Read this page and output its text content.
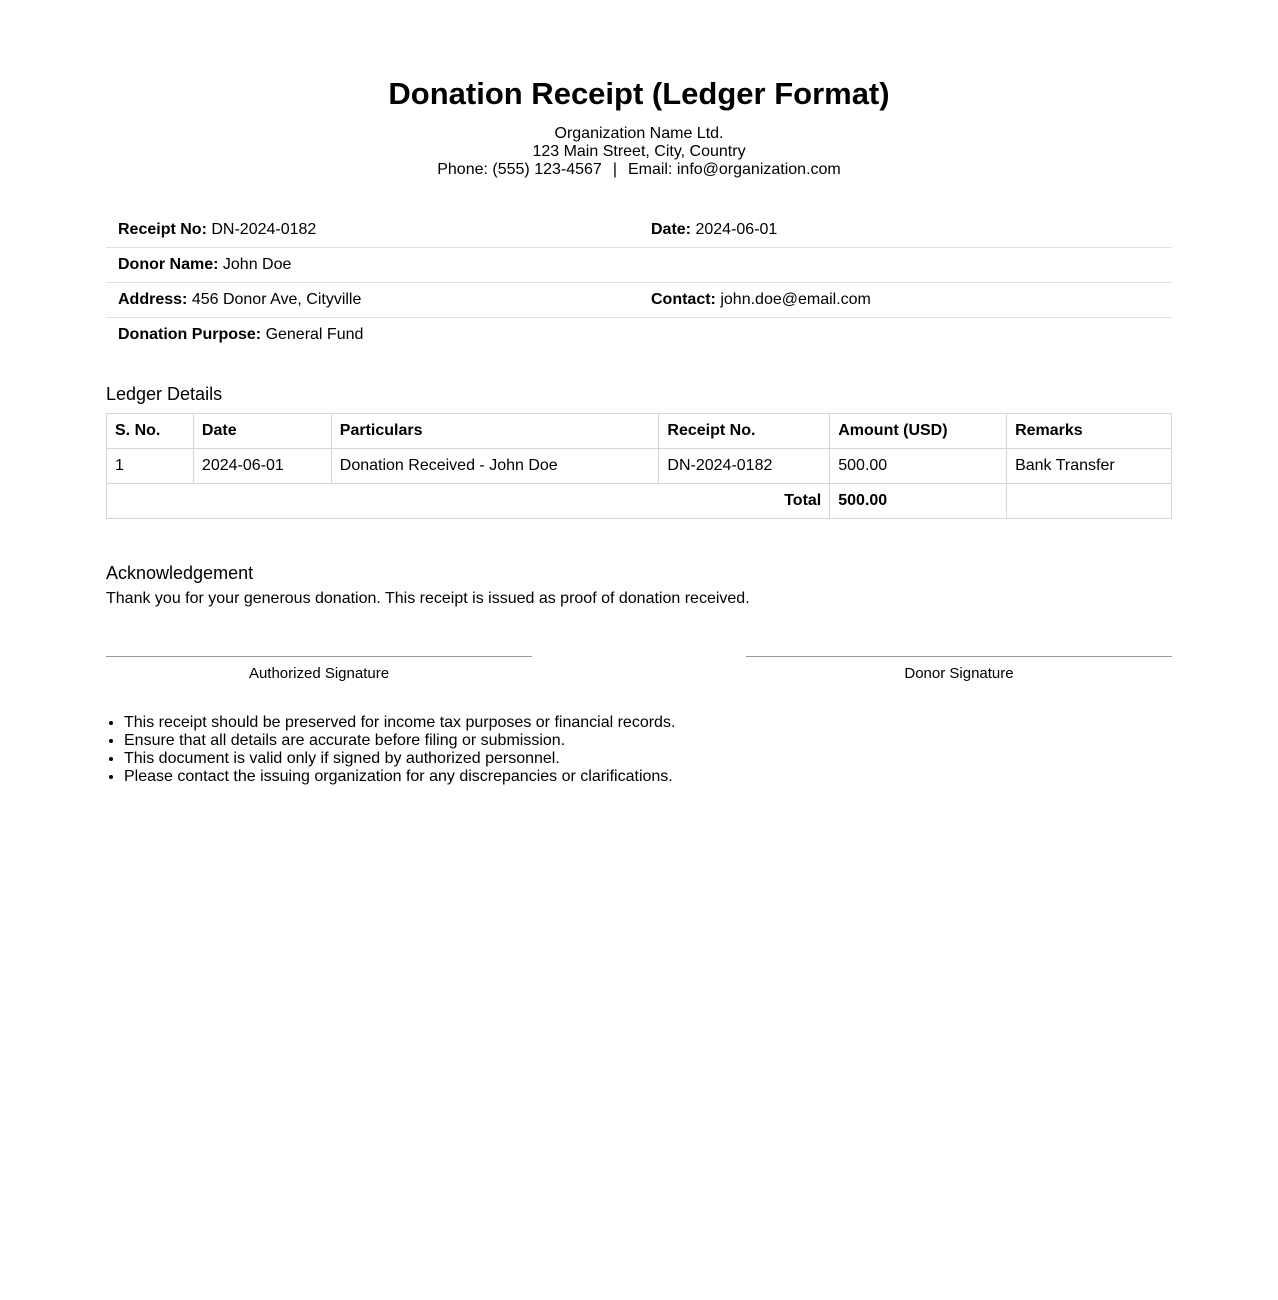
Donation Receipt (Ledger Format)
Organization Name Ltd.
123 Main Street, City, Country
Phone: (555) 123-4567 | Email: info@organization.com
Receipt No: DN-2024-0182	Date: 2024-06-01
Donor Name: John Doe	
Address: 456 Donor Ave, Cityville	Contact: john.doe@email.com
Donation Purpose: General Fund	
Ledger Details
S. No.	Date	Particulars	Receipt No.	Amount (USD)	Remarks
1	2024-06-01	Donation Received - John Doe	DN-2024-0182	500.00	Bank Transfer
Total				500.00	
Acknowledgement
Thank you for your generous donation. This receipt is issued as proof of donation received.
Authorized Signature	Donor Signature
• This receipt should be preserved for income tax purposes or financial records.
• Ensure that all details are accurate before filing or submission.
• This document is valid only if signed by authorized personnel.
• Please contact the issuing organization for any discrepancies or clarifications.
